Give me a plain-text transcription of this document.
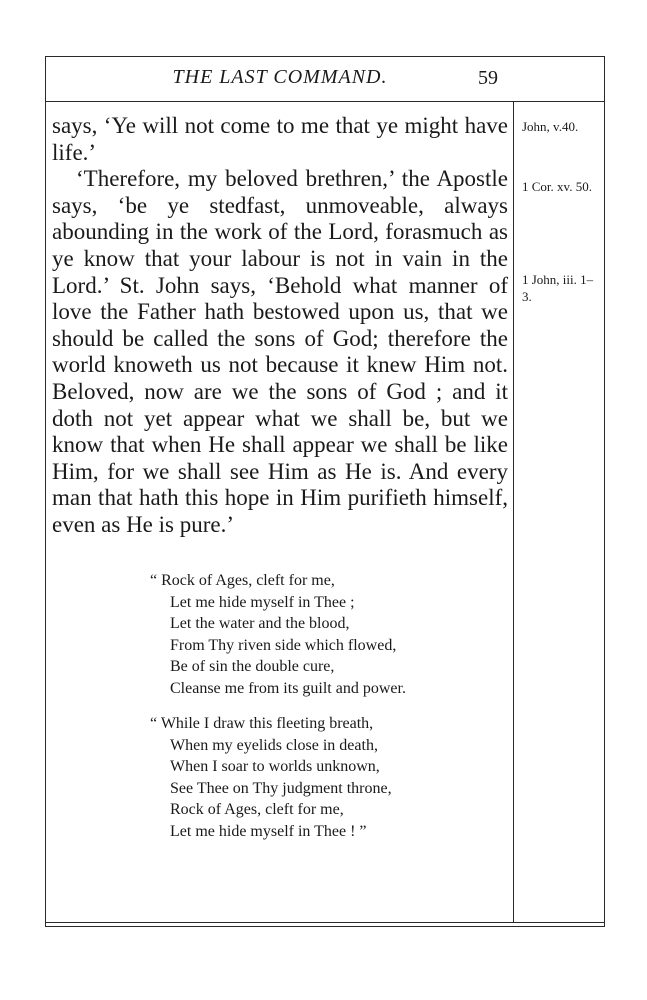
THE LAST COMMAND.	59

says, ‘Ye will not come to me that ye might have life.’

‘Therefore, my beloved brethren,’ the Apostle says, ‘be ye stedfast, unmoveable, always abounding in the work of the Lord, forasmuch as ye know that your labour is not in vain in the Lord.’ St. John says, ‘Behold what manner of love the Father hath bestowed upon us, that we should be called the sons of God; therefore the world knoweth us not because it knew Him not. Beloved, now are we the sons of God ; and it doth not yet appear what we shall be, but we know that when He shall appear we shall be like Him, for we shall see Him as He is. And every man that hath this hope in Him purifieth himself, even as He is pure.’

John, v.40.
1 Cor. xv. 50.
1 John, iii. 1–3.
“ Rock of Ages, cleft for me,
Let me hide myself in Thee ;
Let the water and the blood,
From Thy riven side which flowed,
Be of sin the double cure,
Cleanse me from its guilt and power.
“ While I draw this fleeting breath,
When my eyelids close in death,
When I soar to worlds unknown,
See Thee on Thy judgment throne,
Rock of Ages, cleft for me,
Let me hide myself in Thee ! ”
